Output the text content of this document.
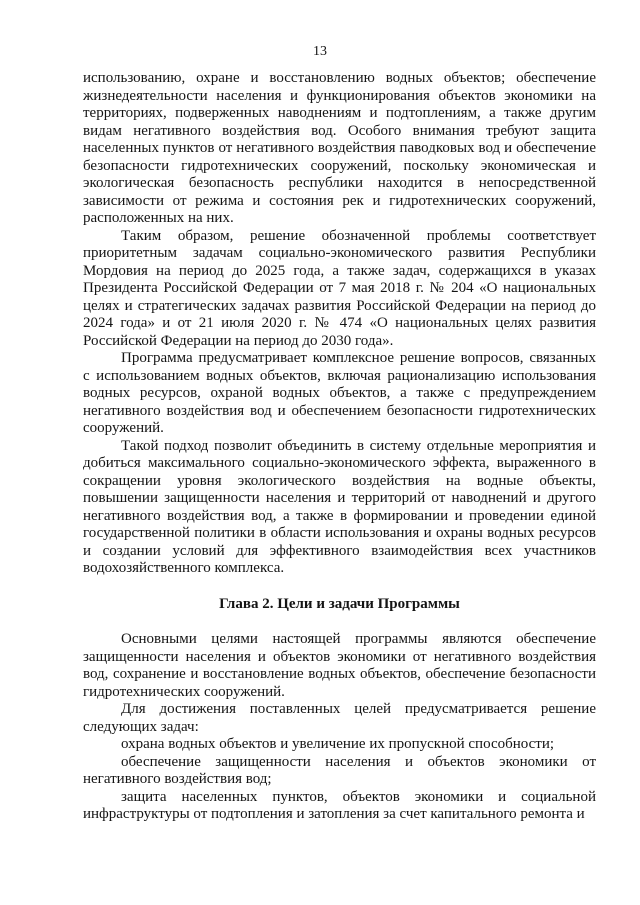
13

использованию, охране и восстановлению водных объектов; обеспечение жизнедеятельности населения и функционирования объектов экономики на территориях, подверженных наводнениям и подтоплениям, а также другим видам негативного воздействия вод. Особого внимания требуют защита населенных пунктов от негативного воздействия паводковых вод и обеспечение безопасности гидротехнических сооружений, поскольку экономическая и экологическая безопасность республики находится в непосредственной зависимости от режима и состояния рек и гидротехнических сооружений, расположенных на них.

Таким образом, решение обозначенной проблемы соответствует приоритетным задачам социально-экономического развития Республики Мордовия на период до 2025 года, а также задач, содержащихся в указах Президента Российской Федерации от 7 мая 2018 г. № 204 «О национальных целях и стратегических задачах развития Российской Федерации на период до 2024 года» и от 21 июля 2020 г. № 474 «О национальных целях развития Российской Федерации на период до 2030 года».

Программа предусматривает комплексное решение вопросов, связанных с использованием водных объектов, включая рационализацию использования водных ресурсов, охраной водных объектов, а также с предупреждением негативного воздействия вод и обеспечением безопасности гидротехнических сооружений.

Такой подход позволит объединить в систему отдельные мероприятия и добиться максимального социально-экономического эффекта, выраженного в сокращении уровня экологического воздействия на водные объекты, повышении защищенности населения и территорий от наводнений и другого негативного воздействия вод, а также в формировании и проведении единой государственной политики в области использования и охраны водных ресурсов и создании условий для эффективного взаимодействия всех участников водохозяйственного комплекса.

Глава 2. Цели и задачи Программы

Основными целями настоящей программы являются обеспечение защищенности населения и объектов экономики от негативного воздействия вод, сохранение и восстановление водных объектов, обеспечение безопасности гидротехнических сооружений.

Для достижения поставленных целей предусматривается решение следующих задач:

охрана водных объектов и увеличение их пропускной способности;

обеспечение защищенности населения и объектов экономики от негативного воздействия вод;

защита населенных пунктов, объектов экономики и социальной инфраструктуры от подтопления и затопления за счет капитального ремонта и
